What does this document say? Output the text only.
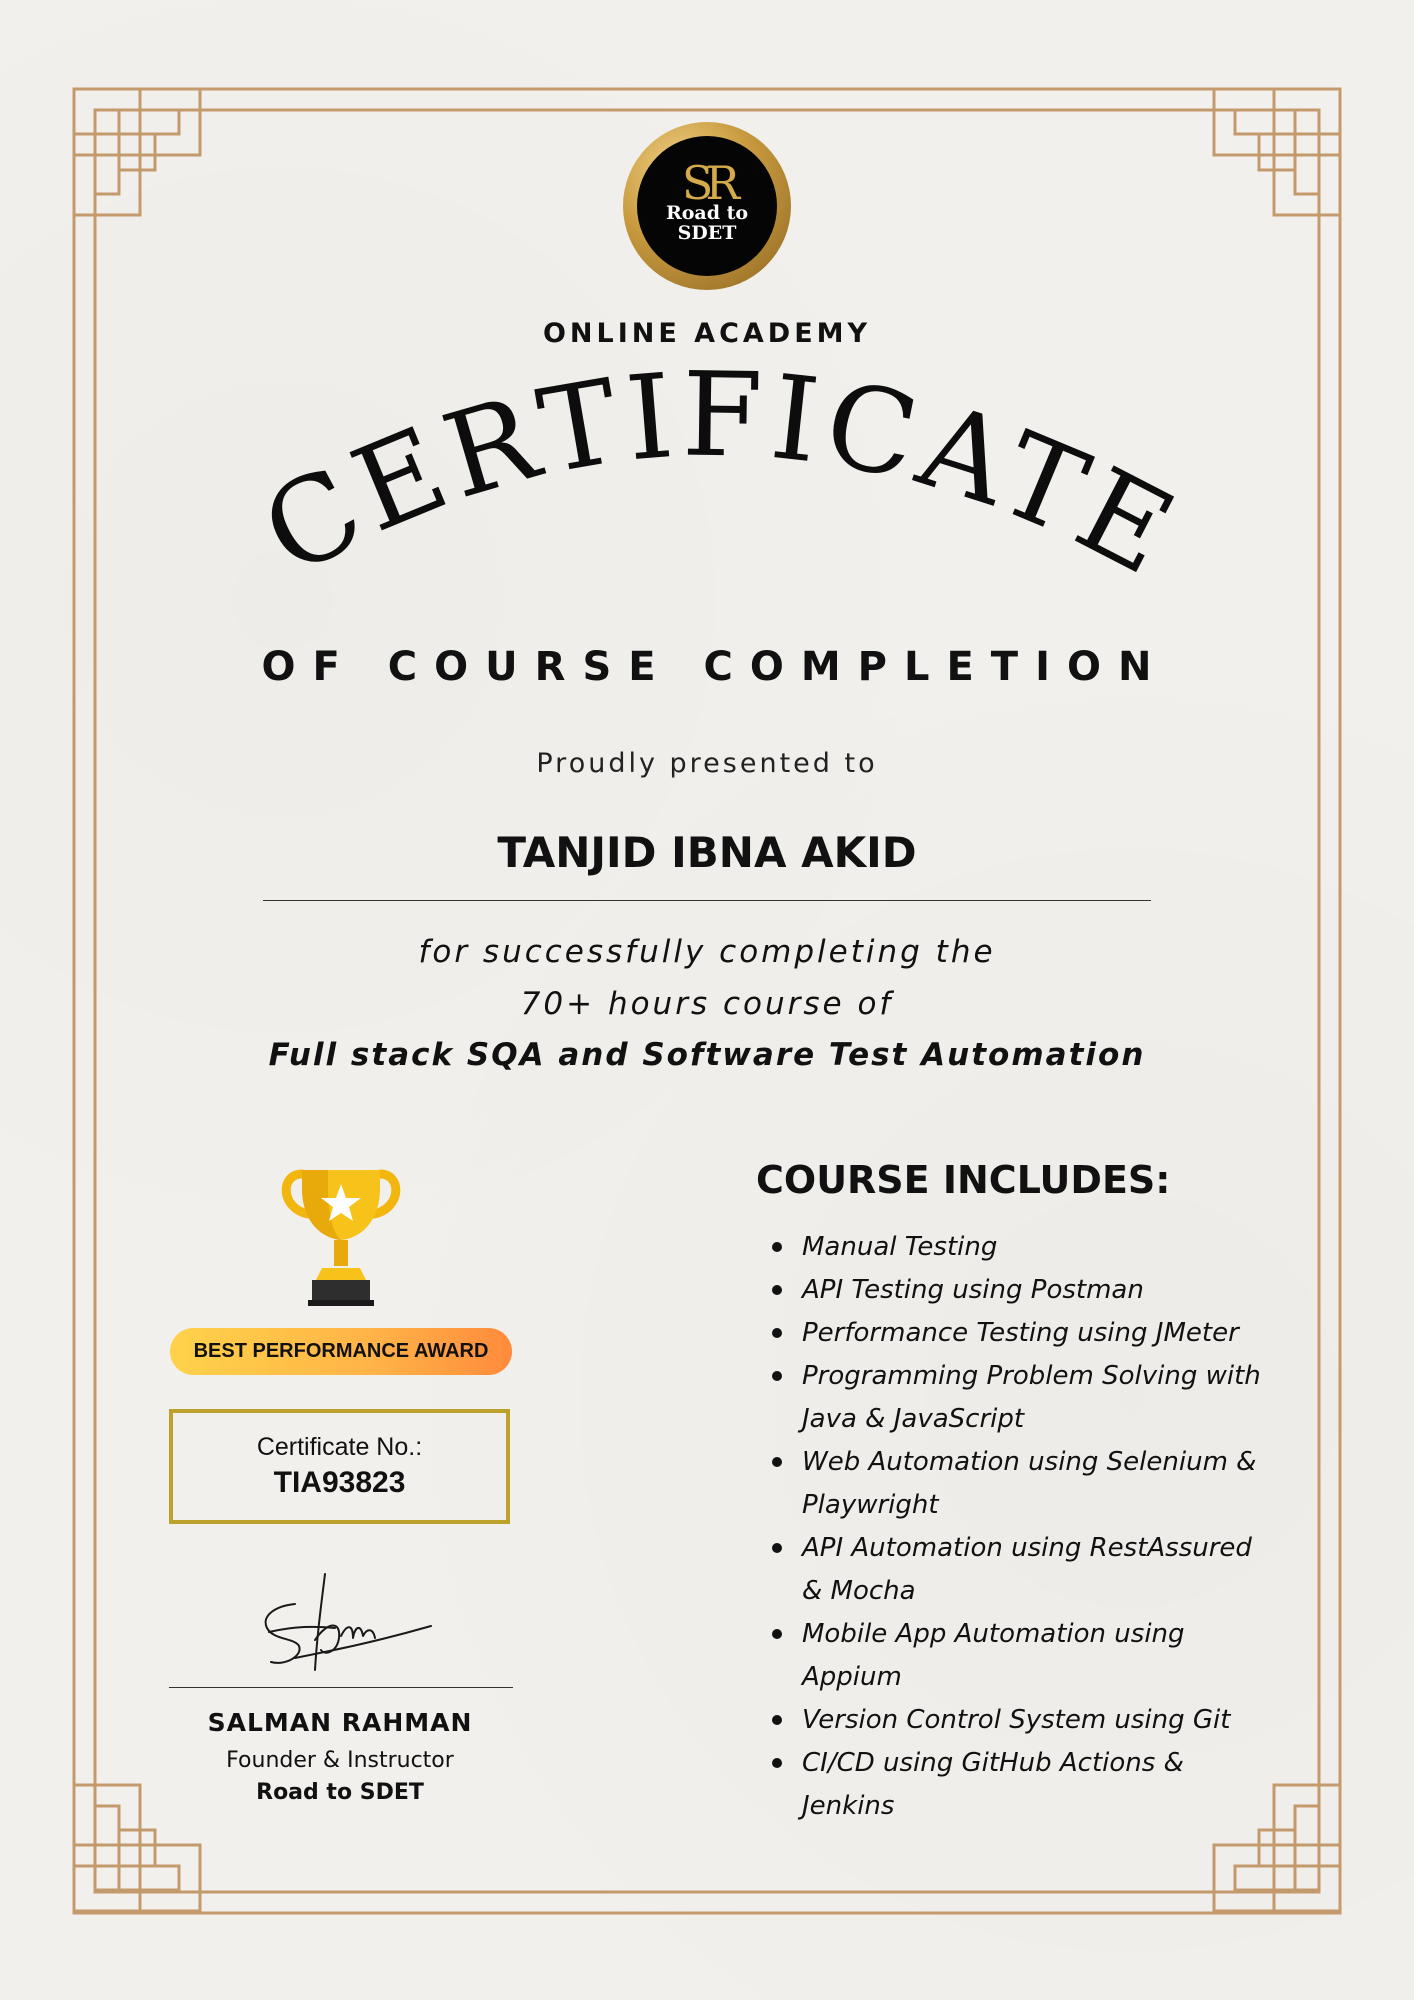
SR
Road to
SDET
ONLINE ACADEMY
CERTIFICATE
OF COURSE COMPLETION
Proudly presented to
TANJID IBNA AKID
for successfully completing the
70+ hours course of
Full stack SQA and Software Test Automation
BEST PERFORMANCE AWARD
Certificate No.:
TIA93823
SALMAN RAHMAN
Founder & Instructor
Road to SDET
COURSE INCLUDES:
Manual Testing
API Testing using Postman
Performance Testing using JMeter
Programming Problem Solving with Java & JavaScript
Web Automation using Selenium & Playwright
API Automation using RestAssured & Mocha
Mobile App Automation using Appium
Version Control System using Git
CI/CD using GitHub Actions & Jenkins
